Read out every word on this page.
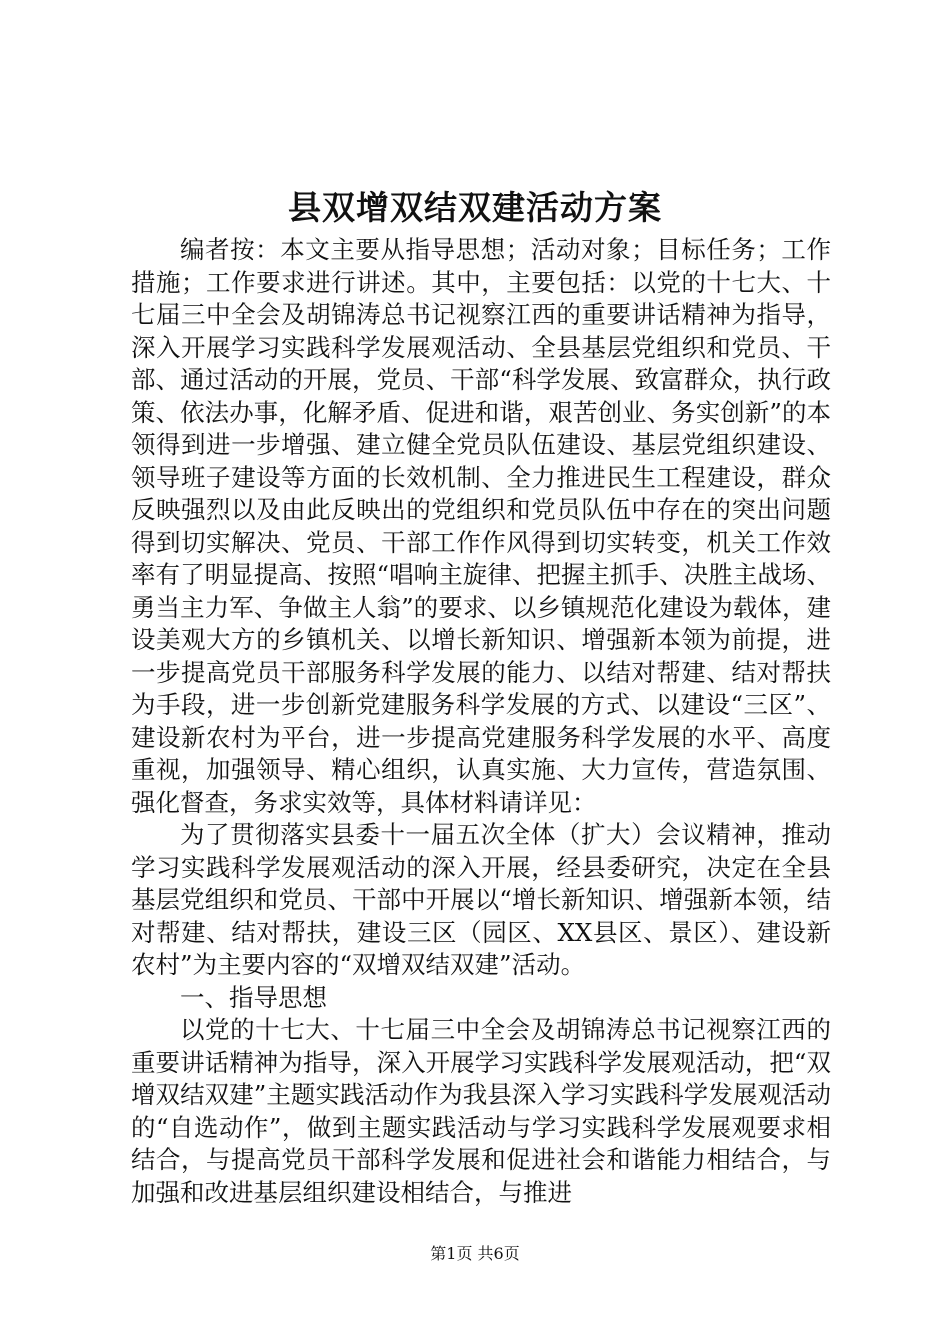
县双增双结双建活动方案

编者按：本文主要从指导思想；活动对象；目标任务；工作措施；工作要求进行讲述。其中，主要包括：以党的十七大、十七届三中全会及胡锦涛总书记视察江西的重要讲话精神为指导，深入开展学习实践科学发展观活动、全县基层党组织和党员、干部、通过活动的开展，党员、干部“科学发展、致富群众，执行政策、依法办事，化解矛盾、促进和谐，艰苦创业、务实创新”的本领得到进一步增强、建立健全党员队伍建设、基层党组织建设、领导班子建设等方面的长效机制、全力推进民生工程建设，群众反映强烈以及由此反映出的党组织和党员队伍中存在的突出问题得到切实解决、党员、干部工作作风得到切实转变，机关工作效率有了明显提高、按照“唱响主旋律、把握主抓手、决胜主战场、勇当主力军、争做主人翁”的要求、以乡镇规范化建设为载体，建设美观大方的乡镇机关、以增长新知识、增强新本领为前提，进一步提高党员干部服务科学发展的能力、以结对帮建、结对帮扶为手段，进一步创新党建服务科学发展的方式、以建设“三区”、建设新农村为平台，进一步提高党建服务科学发展的水平、高度重视，加强领导、精心组织，认真实施、大力宣传，营造氛围、强化督查，务求实效等，具体材料请详见：

为了贯彻落实县委十一届五次全体（扩大）会议精神，推动学习实践科学发展观活动的深入开展，经县委研究，决定在全县基层党组织和党员、干部中开展以“增长新知识、增强新本领，结对帮建、结对帮扶，建设三区（园区、XX县区、景区）、建设新农村”为主要内容的“双增双结双建”活动。

一、指导思想

以党的十七大、十七届三中全会及胡锦涛总书记视察江西的重要讲话精神为指导，深入开展学习实践科学发展观活动，把“双增双结双建”主题实践活动作为我县深入学习实践科学发展观活动的“自选动作”，做到主题实践活动与学习实践科学发展观要求相结合，与提高党员干部科学发展和促进社会和谐能力相结合，与加强和改进基层组织建设相结合，与推进

第1页 共6页
